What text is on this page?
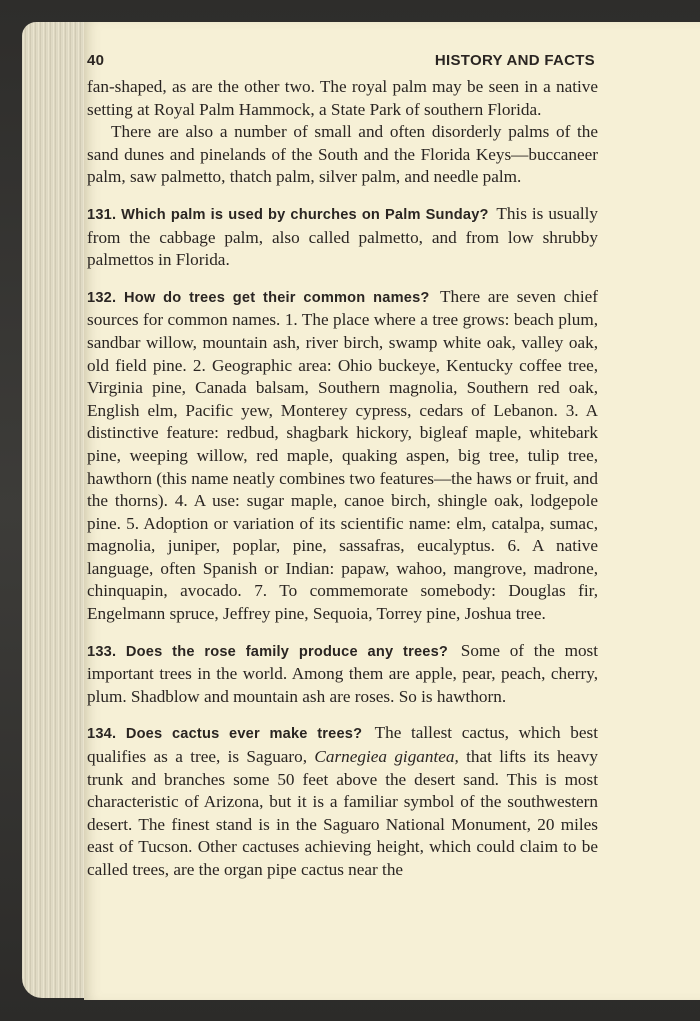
40	HISTORY AND FACTS

fan-shaped, as are the other two. The royal palm may be seen in a native setting at Royal Palm Hammock, a State Park of southern Florida.

There are also a number of small and often disorderly palms of the sand dunes and pinelands of the South and the Florida Keys—buccaneer palm, saw palmetto, thatch palm, silver palm, and needle palm.

131. Which palm is used by churches on Palm Sunday? This is usually from the cabbage palm, also called palmetto, and from low shrubby palmettos in Florida.

132. How do trees get their common names? There are seven chief sources for common names. 1. The place where a tree grows: beach plum, sandbar willow, mountain ash, river birch, swamp white oak, valley oak, old field pine. 2. Geographic area: Ohio buckeye, Kentucky coffee tree, Virginia pine, Canada balsam, Southern magnolia, Southern red oak, English elm, Pacific yew, Monterey cypress, cedars of Lebanon. 3. A distinctive feature: redbud, shagbark hickory, bigleaf maple, whitebark pine, weeping willow, red maple, quaking aspen, big tree, tulip tree, hawthorn (this name neatly combines two features—the haws or fruit, and the thorns). 4. A use: sugar maple, canoe birch, shingle oak, lodgepole pine. 5. Adoption or variation of its scientific name: elm, catalpa, sumac, magnolia, juniper, poplar, pine, sassafras, eucalyptus. 6. A native language, often Spanish or Indian: papaw, wahoo, mangrove, madrone, chinquapin, avocado. 7. To commemorate somebody: Douglas fir, Engelmann spruce, Jeffrey pine, Sequoia, Torrey pine, Joshua tree.

133. Does the rose family produce any trees? Some of the most important trees in the world. Among them are apple, pear, peach, cherry, plum. Shadblow and mountain ash are roses. So is hawthorn.

134. Does cactus ever make trees? The tallest cactus, which best qualifies as a tree, is Saguaro, Carnegiea gigantea, that lifts its heavy trunk and branches some 50 feet above the desert sand. This is most characteristic of Arizona, but it is a familiar symbol of the southwestern desert. The finest stand is in the Saguaro National Monument, 20 miles east of Tucson. Other cactuses achieving height, which could claim to be called trees, are the organ pipe cactus near the
